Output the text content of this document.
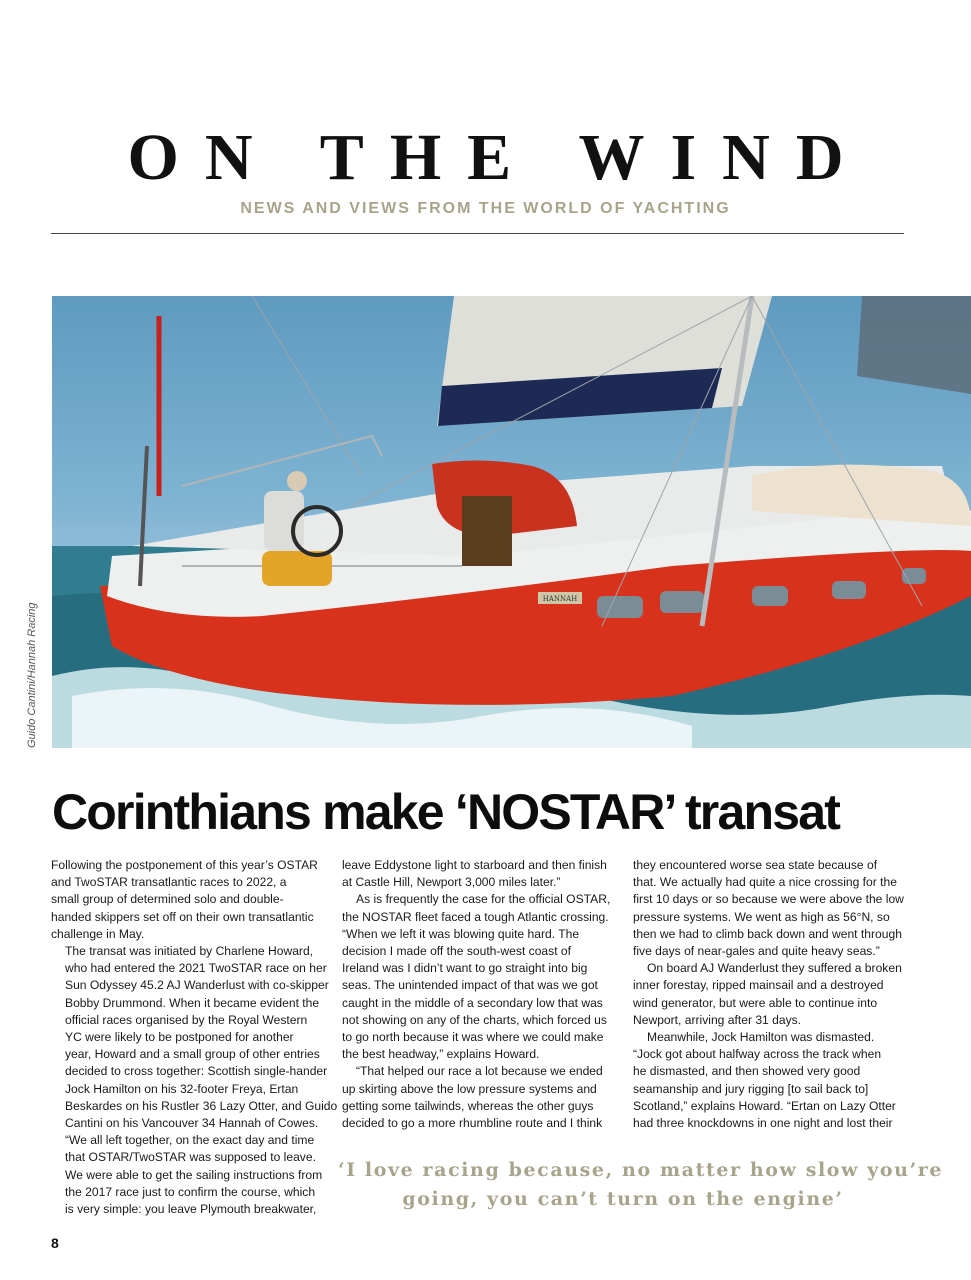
ON THE WIND
NEWS AND VIEWS FROM THE WORLD OF YACHTING
HANNAH
Guido Cantini/Hannah Racing
Corinthians make ‘NOSTAR’ transat

Following the postponement of this year’s OSTAR
and TwoSTAR transatlantic races to 2022, a
small group of determined solo and double-
handed skippers set off on their own transatlantic
challenge in May.

The transat was initiated by Charlene Howard,
who had entered the 2021 TwoSTAR race on her
Sun Odyssey 45.2 AJ Wanderlust with co-skipper
Bobby Drummond. When it became evident the
official races organised by the Royal Western
YC were likely to be postponed for another
year, Howard and a small group of other entries
decided to cross together: Scottish single-hander
Jock Hamilton on his 32-footer Freya, Ertan
Beskardes on his Rustler 36 Lazy Otter, and Guido
Cantini on his Vancouver 34 Hannah of Cowes.

“We all left together, on the exact day and time
that OSTAR/TwoSTAR was supposed to leave.
We were able to get the sailing instructions from
the 2017 race just to confirm the course, which
is very simple: you leave Plymouth breakwater,

leave Eddystone light to starboard and then finish
at Castle Hill, Newport 3,000 miles later.”

As is frequently the case for the official OSTAR,
the NOSTAR fleet faced a tough Atlantic crossing.
“When we left it was blowing quite hard. The
decision I made off the south-west coast of
Ireland was I didn’t want to go straight into big
seas. The unintended impact of that was we got
caught in the middle of a secondary low that was
not showing on any of the charts, which forced us
to go north because it was where we could make
the best headway,” explains Howard.

“That helped our race a lot because we ended
up skirting above the low pressure systems and
getting some tailwinds, whereas the other guys
decided to go a more rhumbline route and I think

they encountered worse sea state because of
that. We actually had quite a nice crossing for the
first 10 days or so because we were above the low
pressure systems. We went as high as 56°N, so
then we had to climb back down and went through
five days of near-gales and quite heavy seas.”

On board AJ Wanderlust they suffered a broken
inner forestay, ripped mainsail and a destroyed
wind generator, but were able to continue into
Newport, arriving after 31 days.

Meanwhile, Jock Hamilton was dismasted.
“Jock got about halfway across the track when
he dismasted, and then showed very good
seamanship and jury rigging [to sail back to]
Scotland,” explains Howard. “Ertan on Lazy Otter
had three knockdowns in one night and lost their

‘I love racing because, no matter how slow you’re
going, you can’t turn on the engine’
8
